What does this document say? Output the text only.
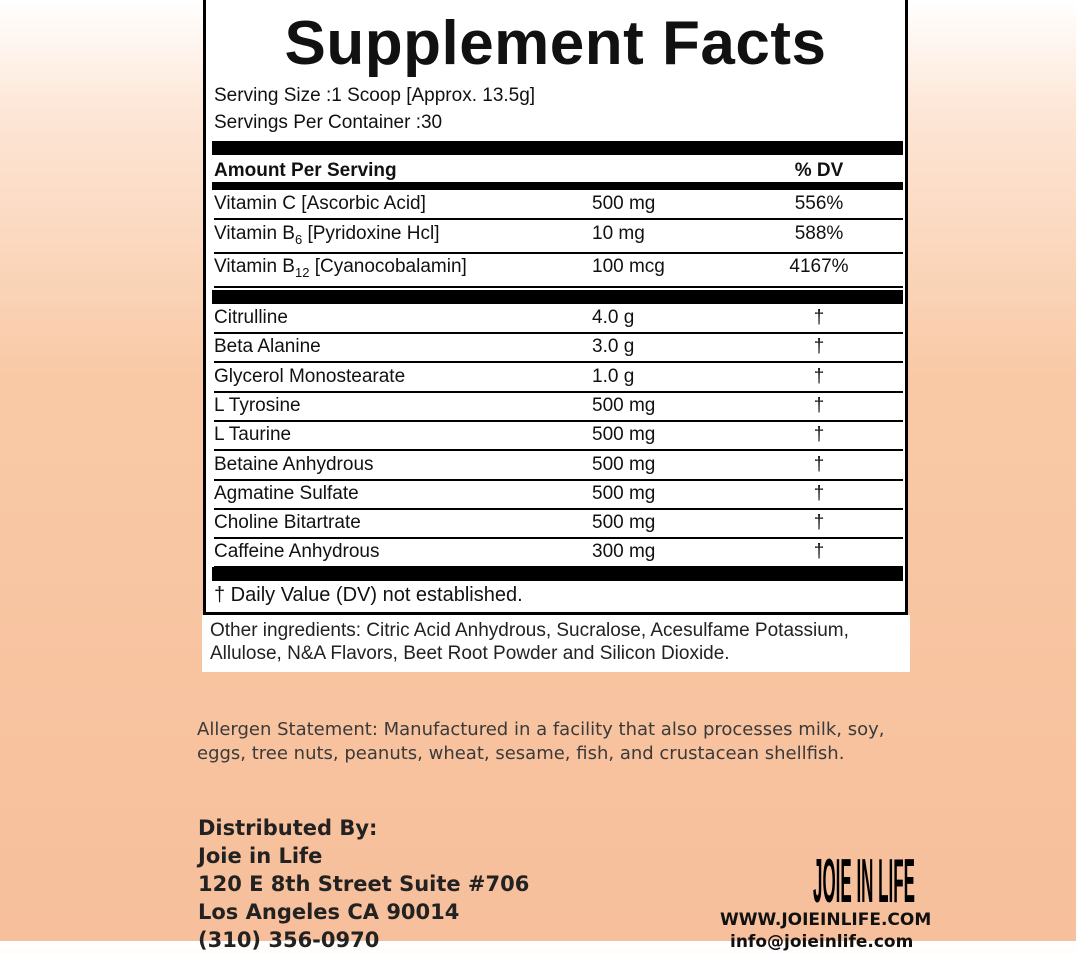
Supplement Facts
Serving Size :1 Scoop [Approx. 13.5g]
Servings Per Container :30
Amount Per Serving	% DV
Vitamin C [Ascorbic Acid]	500 mg	556%
Vitamin $B_6$ [Pyridoxine Hcl]	10 mg	588%
Vitamin $B_{12}$ [Cyanocobalamin]	100 mcg	4167%
Citrulline	4.0 g	†
Beta Alanine	3.0 g	†
Glycerol Monostearate	1.0 g	†
L Tyrosine	500 mg	†
L Taurine	500 mg	†
Betaine Anhydrous	500 mg	†
Agmatine Sulfate	500 mg	†
Choline Bitartrate	500 mg	†
Caffeine Anhydrous	300 mg	†
† Daily Value (DV) not established.
Other ingredients: Citric Acid Anhydrous, Sucralose, Acesulfame Potassium, Allulose, N&A Flavors, Beet Root Powder and Silicon Dioxide.
Allergen Statement: Manufactured in a facility that also processes milk, soy, eggs, tree nuts, peanuts, wheat, sesame, fish, and crustacean shellfish.
Distributed By:
Joie in Life
120 E 8th Street Suite #706
Los Angeles CA 90014
(310) 356-0970
JOIE IN LIFE
WWW.JOIEINLIFE.COM
info@joieinlife.com
